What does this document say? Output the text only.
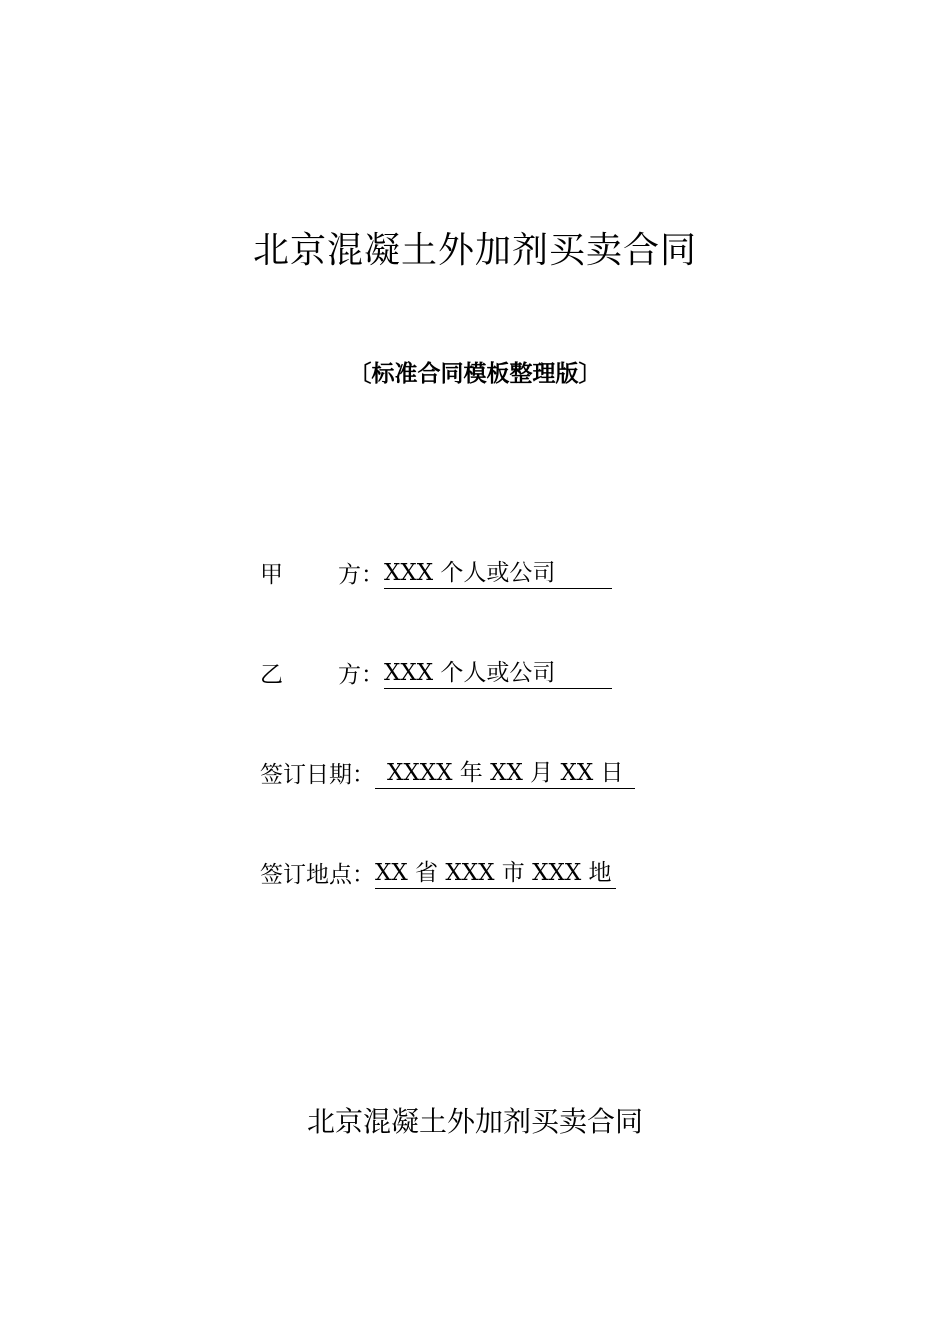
北京混凝土外加剂买卖合同
〔标准合同模板整理版〕
甲 方：XXX 个人或公司
乙 方：XXX 个人或公司
签订日期： XXXX 年 XX 月 XX 日
签订地点：XX 省 XXX 市 XXX 地
北京混凝土外加剂买卖合同
